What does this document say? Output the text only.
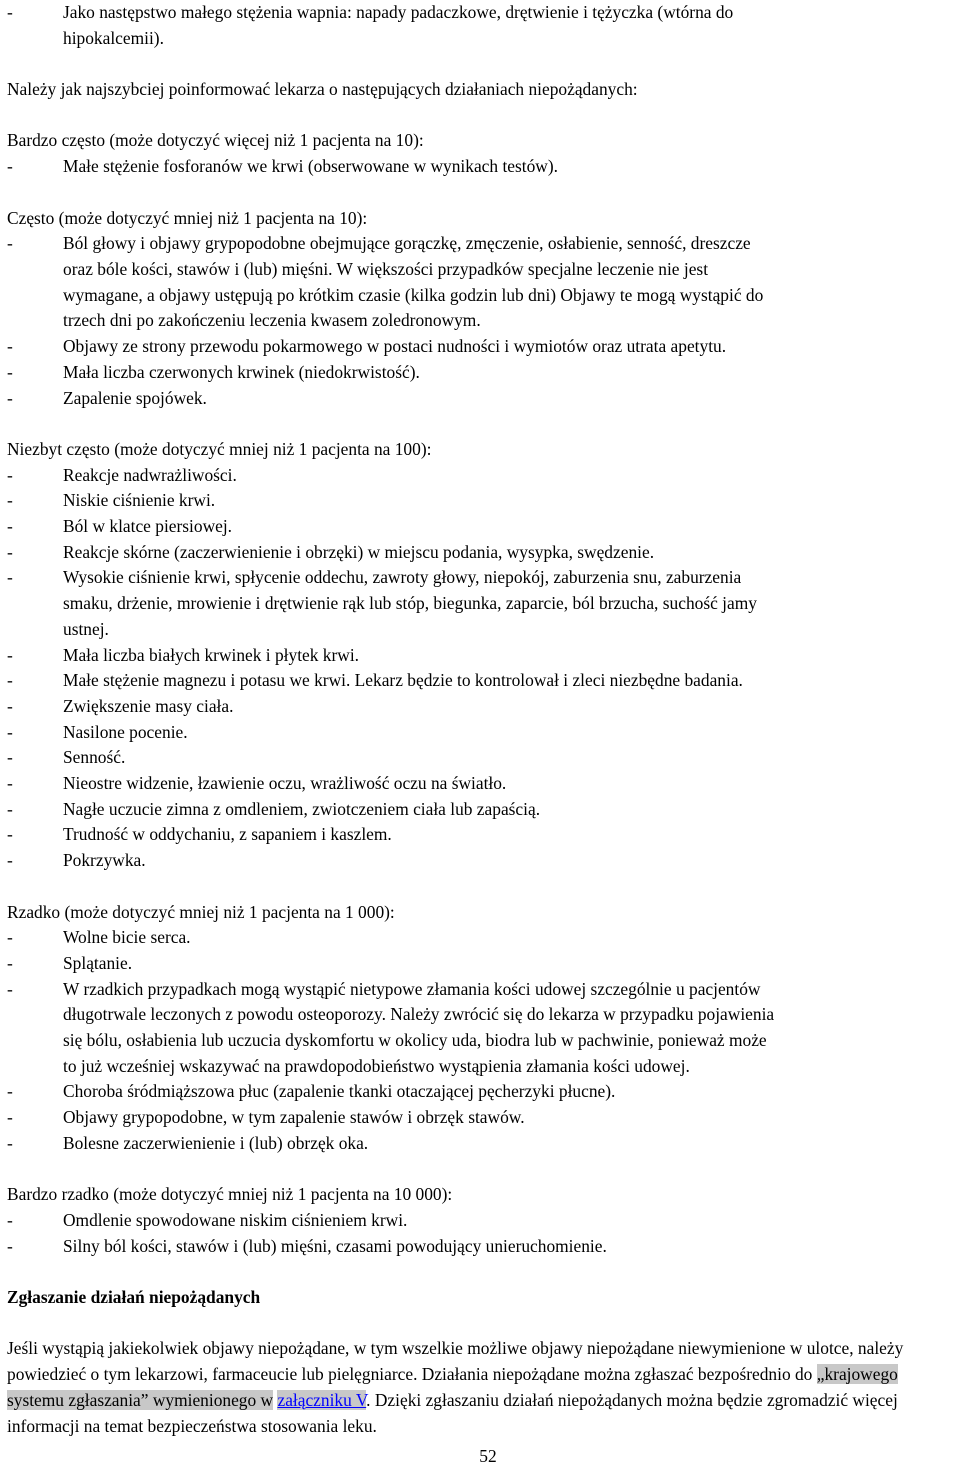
- Jako następstwo małego stężenia wapnia: napady padaczkowe, drętwienie i tężyczka (wtórna do
hipokalcemii).
Należy jak najszybciej poinformować lekarza o następujących działaniach niepożądanych:
Bardzo często (może dotyczyć więcej niż 1 pacjenta na 10):
- Małe stężenie fosforanów we krwi (obserwowane w wynikach testów).
Często (może dotyczyć mniej niż 1 pacjenta na 10):
- Ból głowy i objawy grypopodobne obejmujące gorączkę, zmęczenie, osłabienie, senność, dreszcze
oraz bóle kości, stawów i (lub) mięśni. W większości przypadków specjalne leczenie nie jest
wymagane, a objawy ustępują po krótkim czasie (kilka godzin lub dni) Objawy te mogą wystąpić do
trzech dni po zakończeniu leczenia kwasem zoledronowym.
- Objawy ze strony przewodu pokarmowego w postaci nudności i wymiotów oraz utrata apetytu.
- Mała liczba czerwonych krwinek (niedokrwistość).
- Zapalenie spojówek.
Niezbyt często (może dotyczyć mniej niż 1 pacjenta na 100):
- Reakcje nadwrażliwości.
- Niskie ciśnienie krwi.
- Ból w klatce piersiowej.
- Reakcje skórne (zaczerwienienie i obrzęki) w miejscu podania, wysypka, swędzenie.
- Wysokie ciśnienie krwi, spłycenie oddechu, zawroty głowy, niepokój, zaburzenia snu, zaburzenia
smaku, drżenie, mrowienie i drętwienie rąk lub stóp, biegunka, zaparcie, ból brzucha, suchość jamy
ustnej.
- Mała liczba białych krwinek i płytek krwi.
- Małe stężenie magnezu i potasu we krwi. Lekarz będzie to kontrolował i zleci niezbędne badania.
- Zwiększenie masy ciała.
- Nasilone pocenie.
- Senność.
- Nieostre widzenie, łzawienie oczu, wrażliwość oczu na światło.
- Nagłe uczucie zimna z omdleniem, zwiotczeniem ciała lub zapaścią.
- Trudność w oddychaniu, z sapaniem i kaszlem.
- Pokrzywka.
Rzadko (może dotyczyć mniej niż 1 pacjenta na 1 000):
- Wolne bicie serca.
- Splątanie.
- W rzadkich przypadkach mogą wystąpić nietypowe złamania kości udowej szczególnie u pacjentów
długotrwale leczonych z powodu osteoporozy. Należy zwrócić się do lekarza w przypadku pojawienia
się bólu, osłabienia lub uczucia dyskomfortu w okolicy uda, biodra lub w pachwinie, ponieważ może
to już wcześniej wskazywać na prawdopodobieństwo wystąpienia złamania kości udowej.
- Choroba śródmiąższowa płuc (zapalenie tkanki otaczającej pęcherzyki płucne).
- Objawy grypopodobne, w tym zapalenie stawów i obrzęk stawów.
- Bolesne zaczerwienienie i (lub) obrzęk oka.
Bardzo rzadko (może dotyczyć mniej niż 1 pacjenta na 10 000):
- Omdlenie spowodowane niskim ciśnieniem krwi.
- Silny ból kości, stawów i (lub) mięśni, czasami powodujący unieruchomienie.
Zgłaszanie działań niepożądanych
Jeśli wystąpią jakiekolwiek objawy niepożądane, w tym wszelkie możliwe objawy niepożądane niewymienione w ulotce, należy powiedzieć o tym lekarzowi, farmaceucie lub pielęgniarce. Działania niepożądane można zgłaszać bezpośrednio do „krajowego systemu zgłaszania” wymienionego w załączniku V. Dzięki zgłaszaniu działań niepożądanych można będzie zgromadzić więcej informacji na temat bezpieczeństwa stosowania leku.
52
